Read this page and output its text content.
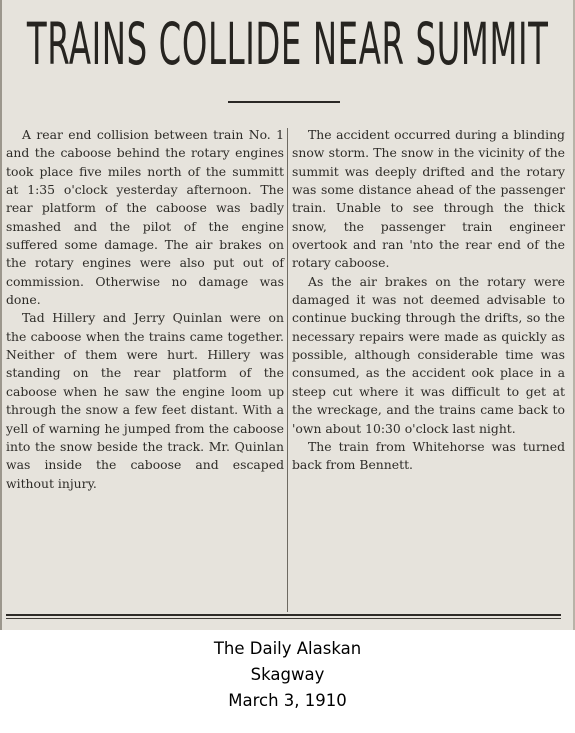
TRAINS COLLIDE NEAR SUMMIT

A rear end collision between train No. 1 and the caboose behind the rotary engines took place five miles north of the summitt at 1:35 o'clock yesterday afternoon. The rear platform of the caboose was badly smashed and the pilot of the engine suffered some damage. The air brakes on the rotary engines were also put out of commission. Otherwise no damage was done.

Tad Hillery and Jerry Quinlan were on the caboose when the trains came together. Neither of them were hurt. Hillery was standing on the rear platform of the caboose when he saw the engine loom up through the snow a few feet distant. With a yell of warning he jumped from the caboose into the snow beside the track. Mr. Quinlan was inside the caboose and escaped without injury.

The accident occurred during a blinding snow storm. The snow in the vicinity of the summit was deeply drifted and the rotary was some distance ahead of the passenger train. Unable to see through the thick snow, the passenger train engineer overtook and ran 'nto the rear end of the rotary caboose.

As the air brakes on the rotary were damaged it was not deemed advisable to continue bucking through the drifts, so the necessary repairs were made as quickly as possible, although considerable time was consumed, as the accident ook place in a steep cut where it was difficult to get at the wreckage, and the trains came back to 'own about 10:30 o'clock last night.

The train from Whitehorse was turned back from Bennett.

The Daily Alaskan
Skagway
March 3, 1910
